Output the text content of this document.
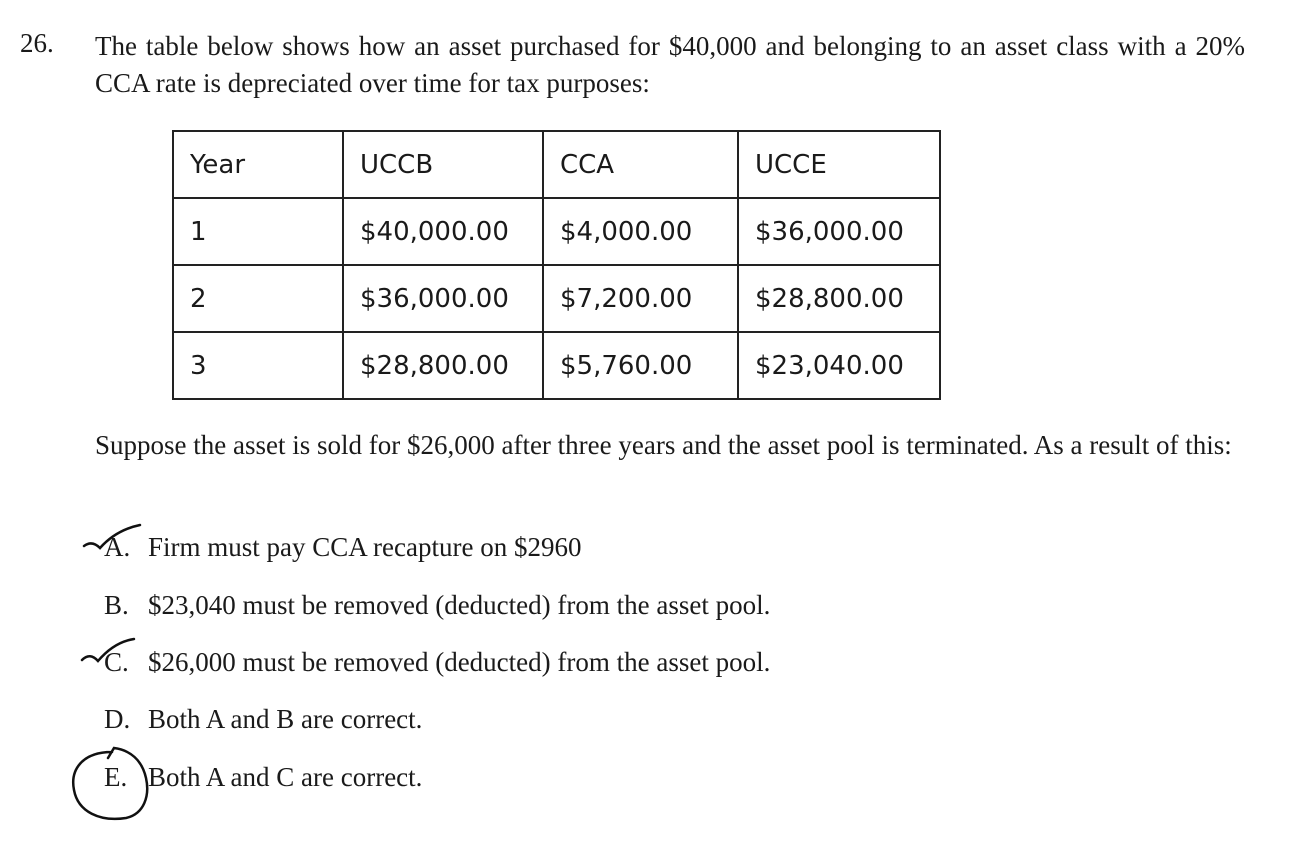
26. The table below shows how an asset purchased for $40,000 and belonging to an asset class with a 20% CCA rate is depreciated over time for tax purposes:
Year	UCCB	CCA	UCCE
1	$40,000.00	$4,000.00	$36,000.00
2	$36,000.00	$7,200.00	$28,800.00
3	$28,800.00	$5,760.00	$23,040.00
Suppose the asset is sold for $26,000 after three years and the asset pool is terminated. As a result of this:
A. Firm must pay CCA recapture on $2960
B. $23,040 must be removed (deducted) from the asset pool.
C. $26,000 must be removed (deducted) from the asset pool.
D. Both A and B are correct.
E. Both A and C are correct.
